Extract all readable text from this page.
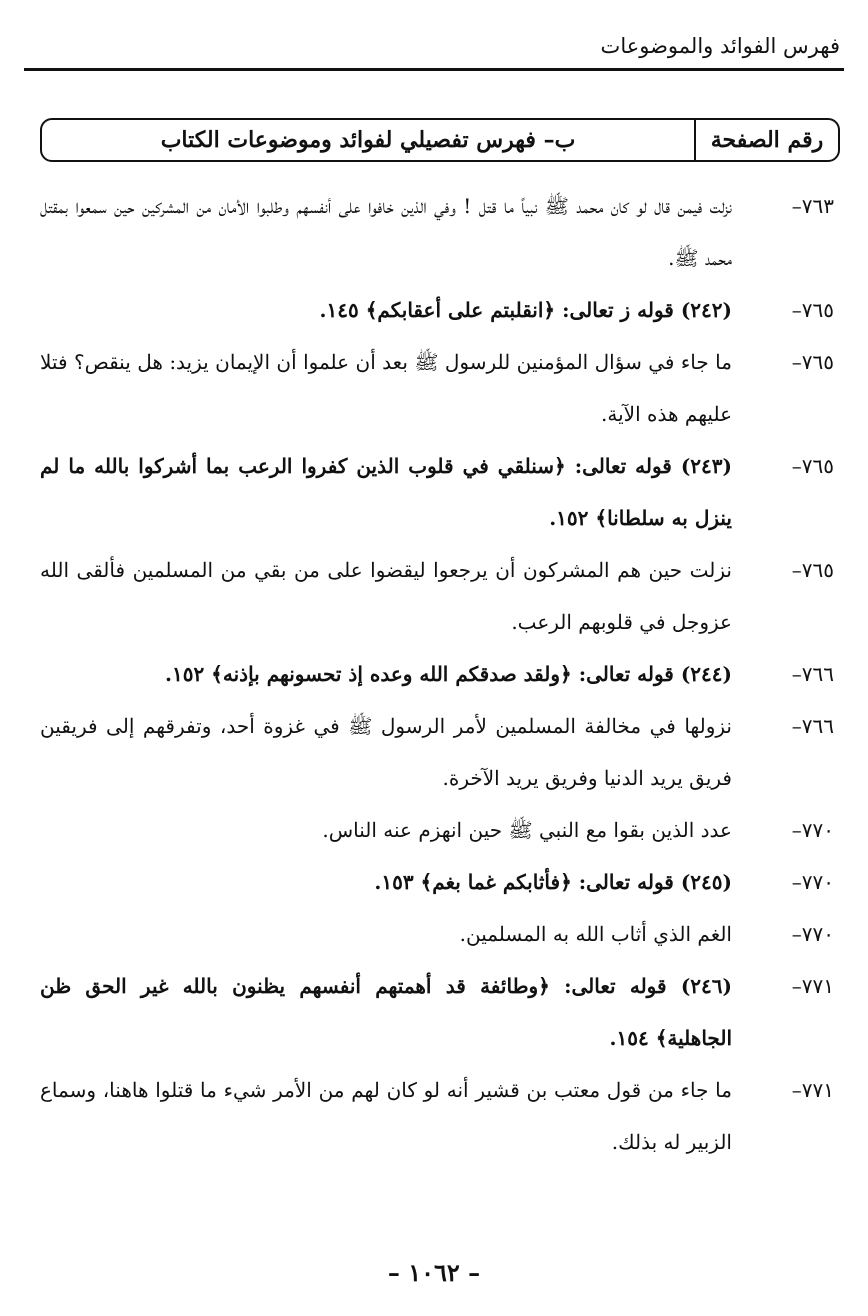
فهرس الفوائد والموضوعات
رقم الصفحة
ب– فهرس تفصيلي لفوائد وموضوعات الكتاب
٧٦٣–
نزلت فيمن قال لو كان محمد ﷺ نبياً ما قتل ! وفي الذين خافوا على أنفسهم وطلبوا الأمان من المشركين حين سمعوا بمقتل محمد ﷺ.
٧٦٥–
(٢٤٢) قوله ز تعالى: ﴿انقلبتم على أعقابكم﴾ ١٤٥.
٧٦٥–
ما جاء في سؤال المؤمنين للرسول ﷺ بعد أن علموا أن الإيمان يزيد: هل ينقص؟ فتلا عليهم هذه الآية.
٧٦٥–
(٢٤٣) قوله تعالى: ﴿سنلقي في قلوب الذين كفروا الرعب بما أشركوا بالله ما لم ينزل به سلطانا﴾ ١٥٢.
٧٦٥–
نزلت حين هم المشركون أن يرجعوا ليقضوا على من بقي من المسلمين فألقى الله عزوجل في قلوبهم الرعب.
٧٦٦–
(٢٤٤) قوله تعالى: ﴿ولقد صدقكم الله وعده إذ تحسونهم بإذنه﴾ ١٥٢.
٧٦٦–
نزولها في مخالفة المسلمين لأمر الرسول ﷺ في غزوة أحد، وتفرقهم إلى فريقين فريق يريد الدنيا وفريق يريد الآخرة.
٧٧٠–
عدد الذين بقوا مع النبي ﷺ حين انهزم عنه الناس.
٧٧٠–
(٢٤٥) قوله تعالى: ﴿فأثابكم غما بغم﴾ ١٥٣.
٧٧٠–
الغم الذي أثاب الله به المسلمين.
٧٧١–
(٢٤٦) قوله تعالى: ﴿وطائفة قد أهمتهم أنفسهم يظنون بالله غير الحق ظن الجاهلية﴾ ١٥٤.
٧٧١–
ما جاء من قول معتب بن قشير أنه لو كان لهم من الأمر شيء ما قتلوا هاهنا، وسماع الزبير له بذلك.
– ١٠٦٢ –
